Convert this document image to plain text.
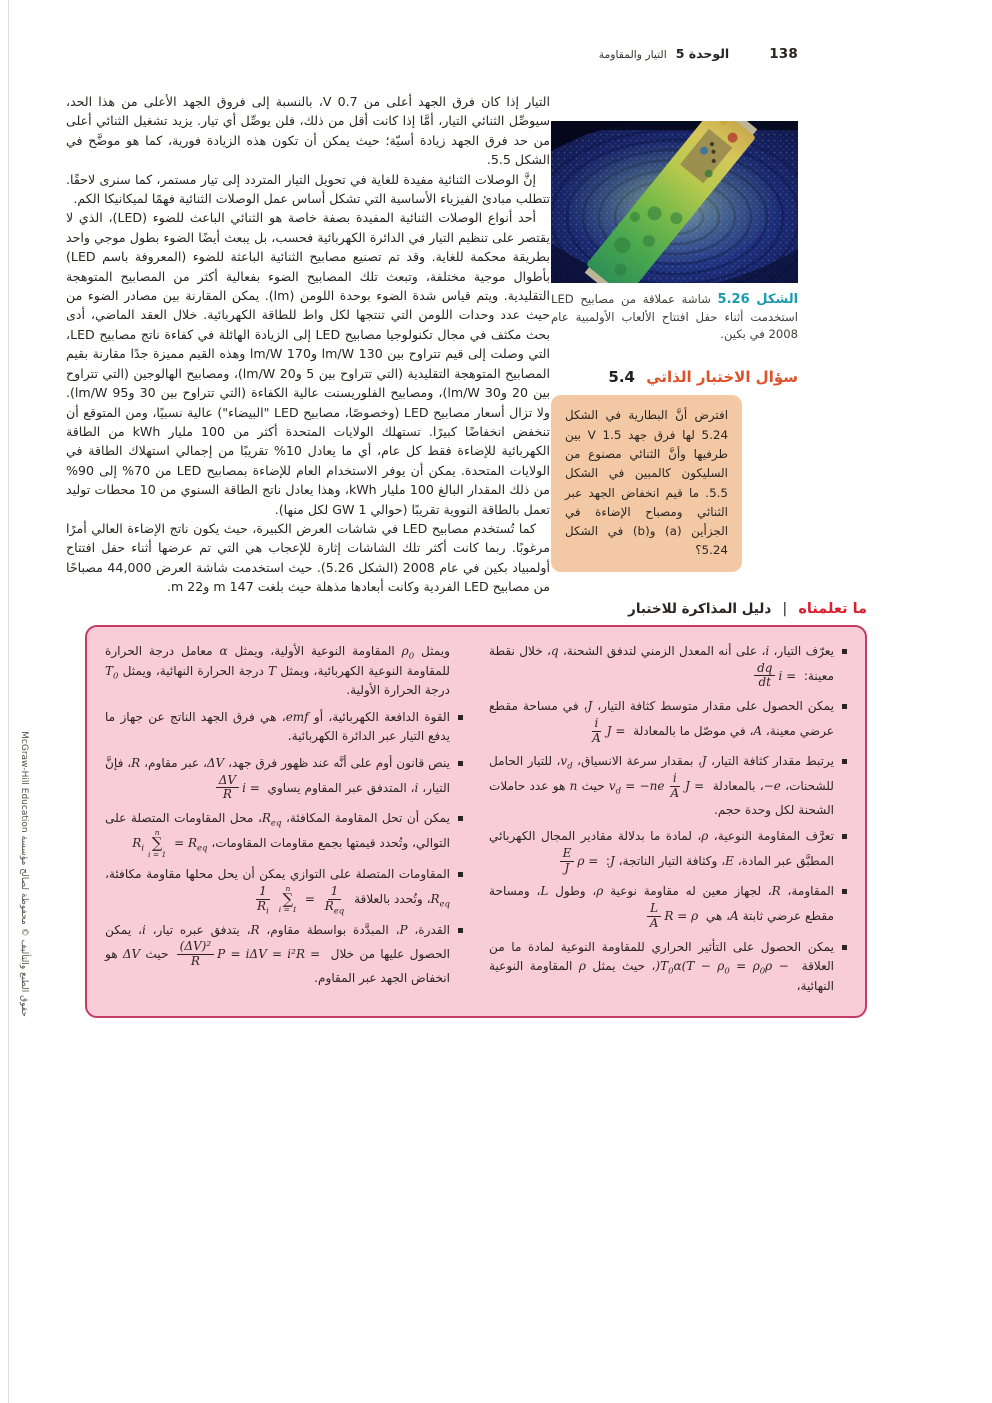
138
الوحدة 5
التيار والمقاومة

التيار إذا كان فرق الجهد أعلى من 0.7 V، بالنسبة إلى فروق الجهد الأعلى من هذا الحد، سيوصِّل الثنائي التيار، أمَّا إذا كانت أقل من ذلك، فلن يوصِّل أي تيار. يزيد تشغيل الثنائي أعلى من حد فرق الجهد زيادة أسيّة؛ حيث يمكن أن تكون هذه الزيادة فورية، كما هو موضَّح في الشكل 5.5.

إنَّ الوصلات الثنائية مفيدة للغاية في تحويل التيار المتردد إلى تيار مستمر، كما سنرى لاحقًا. تتطلب مبادئ الفيزياء الأساسية التي تشكل أساس عمل الوصلات الثنائية فهمًا لميكانيكا الكم.

أحد أنواع الوصلات الثنائية المفيدة بصفة خاصة هو الثنائي الباعث للضوء (LED)، الذي لا يقتصر على تنظيم التيار في الدائرة الكهربائية فحسب، بل يبعث أيضًا الضوء بطول موجي واحد بطريقة محكمة للغاية. وقد تم تصنيع مصابيح الثنائية الباعثة للضوء (المعروفة باسم LED) بأطوال موجية مختلفة، وتبعث تلك المصابيح الضوء بفعالية أكثر من المصابيح المتوهجة التقليدية. ويتم قياس شدة الضوء بوحدة اللومن (lm). يمكن المقارنة بين مصادر الضوء من حيث عدد وحدات اللومن التي تنتجها لكل واط للطاقة الكهربائية. خلال العقد الماضي، أدى بحث مكثف في مجال تكنولوجيا مصابيح LED إلى الزيادة الهائلة في كفاءة ناتج مصابيح LED، التي وصلت إلى قيم تتراوح بين 130 lm/W و170 lm/W وهذه القيم مميزة جدًا مقارنة بقيم المصابيح المتوهجة التقليدية (التي تتراوح بين 5 و20 lm/W)، ومصابيح الهالوجين (التي تتراوح بين 20 و30 lm/W)، ومصابيح الفلوريسنت عالية الكفاءة (التي تتراوح بين 30 و95 lm/W). ولا تزال أسعار مصابيح LED (وخصوصًا، مصابيح LED "البيضاء") عالية نسبيًا، ومن المتوقع أن تنخفض انخفاضًا كبيرًا. تستهلك الولايات المتحدة أكثر من 100 مليار kWh من الطاقة الكهربائية للإضاءة فقط كل عام، أي ما يعادل 10% تقريبًا من إجمالي استهلاك الطاقة في الولايات المتحدة. يمكن أن يوفر الاستخدام العام للإضاءة بمصابيح LED من 70% إلى 90% من ذلك المقدار البالغ 100 مليار kWh، وهذا يعادل ناتج الطاقة السنوي من 10 محطات توليد تعمل بالطاقة النووية تقريبًا (حوالي 1 GW لكل منها).

كما تُستخدم مصابيح LED في شاشات العرض الكبيرة، حيث يكون ناتج الإضاءة العالي أمرًا مرغوبًا. ربما كانت أكثر تلك الشاشات إثارة للإعجاب هي التي تم عرضها أثناء حفل افتتاح أولمبياد بكين في عام 2008 (الشكل 5.26). حيث استخدمت شاشة العرض 44,000 مصباحًا من مصابيح LED الفردية وكانت أبعادها مذهلة حيث بلغت 147 m و22 m.

الشكل 5.26 شاشة عملاقة من مصابيح LED استخدمت أثناء حفل افتتاح الألعاب الأولمبية عام 2008 في بكين.
سؤال الاختبار الذاتي 5.4
افترض أنَّ البطارية في الشكل 5.24 لها فرق جهد 1.5 V بين طرفيها وأنَّ الثنائي مصنوع من السليكون كالمبين في الشكل 5.5. ما قيم انخفاض الجهد عبر الثنائي ومصباح الإضاءة في الجزأين (a) و(b) في الشكل 5.24؟
ما تعلمناه | دليل المذاكرة للاختبار
يعرّف التيار، i، على أنه المعدل الزمني لتدفق الشحنة، q، خلال نقطة معينة: i =
$\frac{dq}{dt}$
يمكن الحصول على مقدار متوسط كثافة التيار، J، في مساحة مقطع عرضي معينة، A، في موصّل ما بالمعادلة J =
$\frac{i}{A}$
يرتبط مقدار كثافة التيار، J، بمقدار سرعة الانسياق، $v_d،$ للتيار الحامل للشحنات، −e، بالمعادلة J =
$\frac{i}{A}$
= −nev$_d$ حيث n هو عدد حاملات الشحنة لكل وحدة حجم.
تعرَّف المقاومة النوعية، ρ، لمادة ما بدلالة مقادير المجال الكهربائي المطبَّق عبر المادة، E، وكثافة التيار الناتجة، J: ρ =
$\frac{E}{J}$
المقاومة، R، لجهاز معين له مقاومة نوعية ρ، وطول L، ومساحة مقطع عرضي ثابتة A، هي R = ρ
$\frac{L}{A}$
يمكن الحصول على التأثير الحراري للمقاومة النوعية لمادة ما من العلاقة $\rho - \rho_0 = \rho_0\alpha(T$ − $T_0)،$ حيث يمثل ρ المقاومة النوعية النهائية،
ويمثل $\rho_0$ المقاومة النوعية الأولية، ويمثل α معامل درجة الحرارة للمقاومة النوعية الكهربائية، ويمثل T درجة الحرارة النهائية، ويمثل $T_0$ درجة الحرارة الأولية.
القوة الدافعة الكهربائية، أو emf، هي فرق الجهد الناتج عن جهاز ما يدفع التيار عبر الدائرة الكهربائية.
ينص قانون أوم على أنَّه عند ظهور فرق جهد، ΔV، عبر مقاوم، R، فإنَّ التيار، i، المتدفق عبر المقاوم يساوي i =
$\frac{\Delta V}{R}$
يمكن أن تحل المقاومة المكافئة، $R_{eq}،$ محل المقاومات المتصلة على التوالي، وتُحدد قيمتها بجمع مقاومات المقاومات، $R_{eq}$ =
n
∑
i = 1
$R_i$
المقاومات المتصلة على التوازي يمكن أن يحل محلها مقاومة مكافئة، $R_{eq}،$ وتُحدد بالعلاقة
$\frac{1}{R_{eq}}$
=
n
∑
i = 1
$\frac{1}{R_i}$
القدرة، P، المبدَّدة بواسطة مقاوم، R، يتدفق عبره تيار، i، يمكن الحصول عليها من خلال P = iΔV = i²R =
$\frac{\text{(ΔV)²}}{R}$
حيث ΔV هو انخفاض الجهد عبر المقاوم.
حقوق الطبع والتأليف © محفوظة لصالح مؤسسة McGraw-Hill Education
